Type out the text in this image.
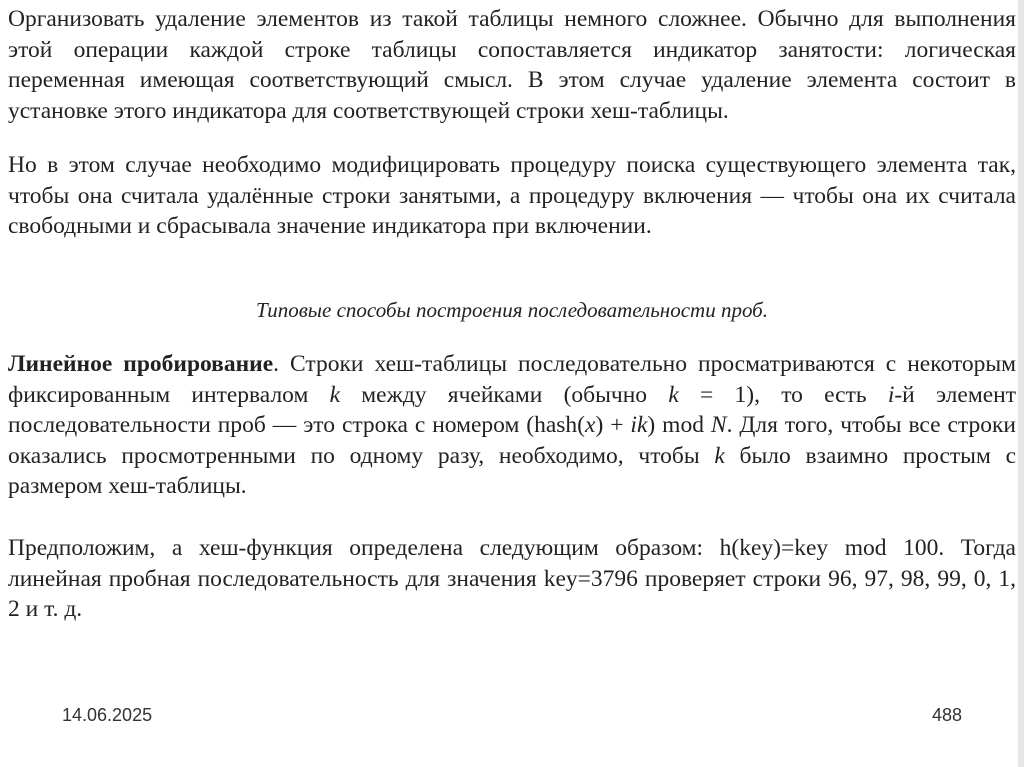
Организовать удаление элементов из такой таблицы немного сложнее. Обычно для выполнения этой операции каждой строке таблицы сопоставляется индикатор занятости: логическая переменная имеющая соответствующий смысл. В этом случае удаление элемента состоит в установке этого индикатора для соответствующей строки хеш-таблицы.

Но в этом случае необходимо модифицировать процедуру поиска существующего элемента так, чтобы она считала удалённые строки занятыми, а процедуру включения — чтобы она их считала свободными и сбрасывала значение индикатора при включении.

Типовые способы построения последовательности проб.

Линейное пробирование. Строки хеш-таблицы последовательно просматриваются с некоторым фиксированным интервалом k между ячейками (обычно k = 1), то есть i-й элемент последовательности проб — это строка с номером (hash(x) + ik) mod N. Для того, чтобы все строки оказались просмотренными по одному разу, необходимо, чтобы k было взаимно простым с размером хеш-таблицы.

Предположим, а хеш-функция определена следующим образом: h(key)=key mod 100. Тогда линейная пробная последовательность для значения key=3796 проверяет строки 96, 97, 98, 99, 0, 1, 2 и т. д.

14.06.2025	488
